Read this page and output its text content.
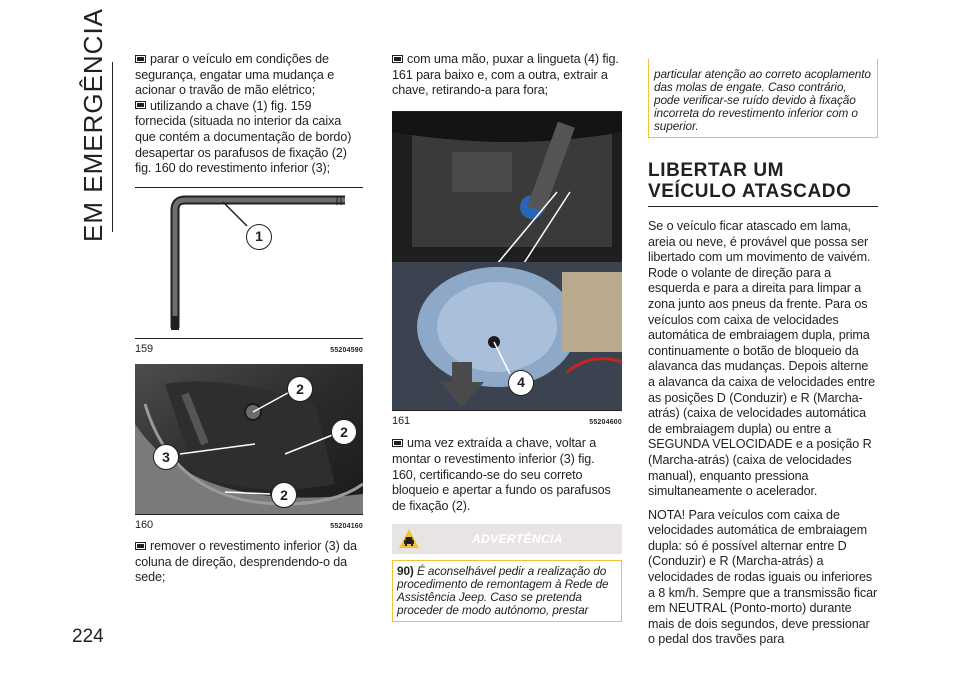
EM EMERGÊNCIA
224

parar o veículo em condições de segurança, engatar uma mudança e acionar o travão de mão elétrico;

utilizando a chave (1) fig. 159 fornecida (situada no interior da caixa que contém a documentação de bordo) desapertar os parafusos de fixação (2) fig. 160 do revestimento inferior (3);

1
159	55204590
2
2
3
2
160	55204160

remover o revestimento inferior (3) da coluna de direção, desprendendo-o da sede;

com uma mão, puxar a lingueta (4) fig. 161 para baixo e, com a outra, extrair a chave, retirando-a para fora;

4
161	55204600

uma vez extraída a chave, voltar a montar o revestimento inferior (3) fig. 160, certificando-se do seu correto bloqueio e apertar a fundo os parafusos de fixação (2).

ADVERTÊNCIA
90) É aconselhável pedir a realização do procedimento de remontagem à Rede de Assistência Jeep. Caso se pretenda proceder de modo autónomo, prestar
particular atenção ao correto acoplamento das molas de engate. Caso contrário, pode verificar-se ruído devido à fixação incorreta do revestimento inferior com o superior.
LIBERTAR UM VEÍCULO ATASCADO

Se o veículo ficar atascado em lama, areia ou neve, é provável que possa ser libertado com um movimento de vaivém. Rode o volante de direção para a esquerda e para a direita para limpar a zona junto aos pneus da frente. Para os veículos com caixa de velocidades automática de embraiagem dupla, prima continuamente o botão de bloqueio da alavanca das mudanças. Depois alterne a alavanca da caixa de velocidades entre as posições D (Conduzir) e R (Marcha-atrás) (caixa de velocidades automática de embraiagem dupla) ou entre a SEGUNDA VELOCIDADE e a posição R (Marcha-atrás) (caixa de velocidades manual), enquanto pressiona simultaneamente o acelerador.

NOTA! Para veículos com caixa de velocidades automática de embraiagem dupla: só é possível alternar entre D (Conduzir) e R (Marcha-atrás) a velocidades de rodas iguais ou inferiores a 8 km/h. Sempre que a transmissão ficar em NEUTRAL (Ponto-morto) durante mais de dois segundos, deve pressionar o pedal dos travões para
